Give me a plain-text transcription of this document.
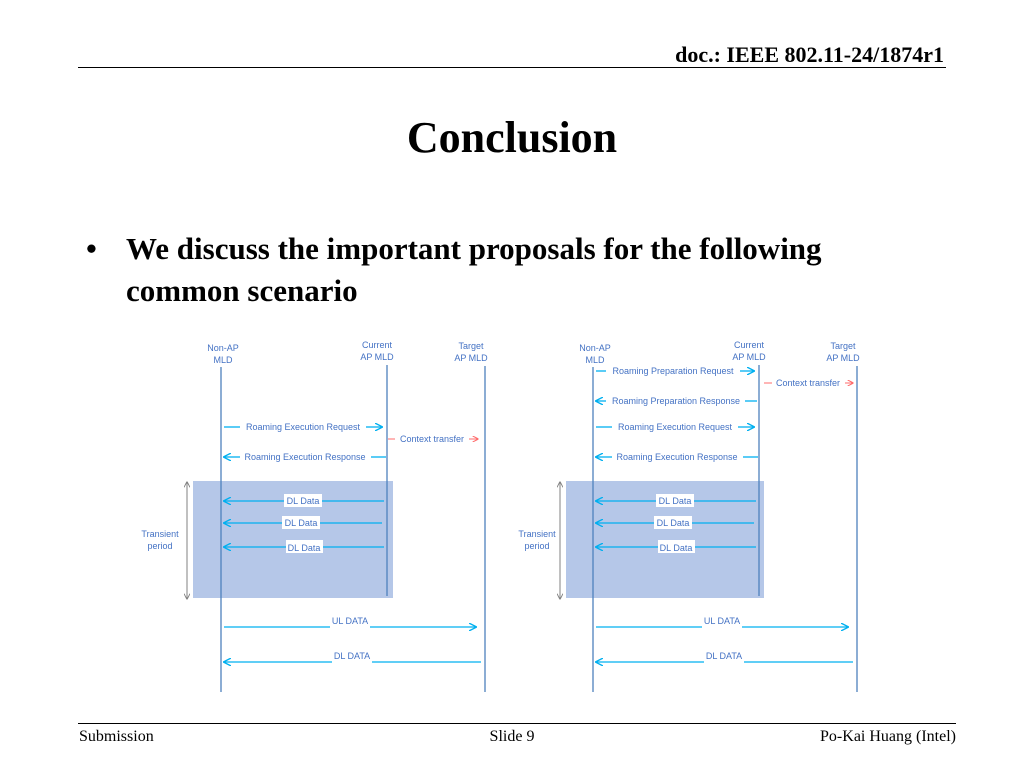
doc.: IEEE 802.11-24/1874r1
Conclusion
• We discuss the important proposals for the following common scenario
Non-AP
MLD
Current
AP MLD
Target
AP MLD
Roaming Execution Request
Context transfer
Roaming Execution Response
DL Data
DL Data
DL Data
Transient
period
UL DATA
DL DATA
Non-AP
MLD
Current
AP MLD
Target
AP MLD
Roaming Preparation Request
Context transfer
Roaming Preparation Response
Roaming Execution Request
Roaming Execution Response
DL Data
DL Data
DL Data
Transient
period
UL DATA
DL DATA
Submission	Slide 9	Po-Kai Huang (Intel)
